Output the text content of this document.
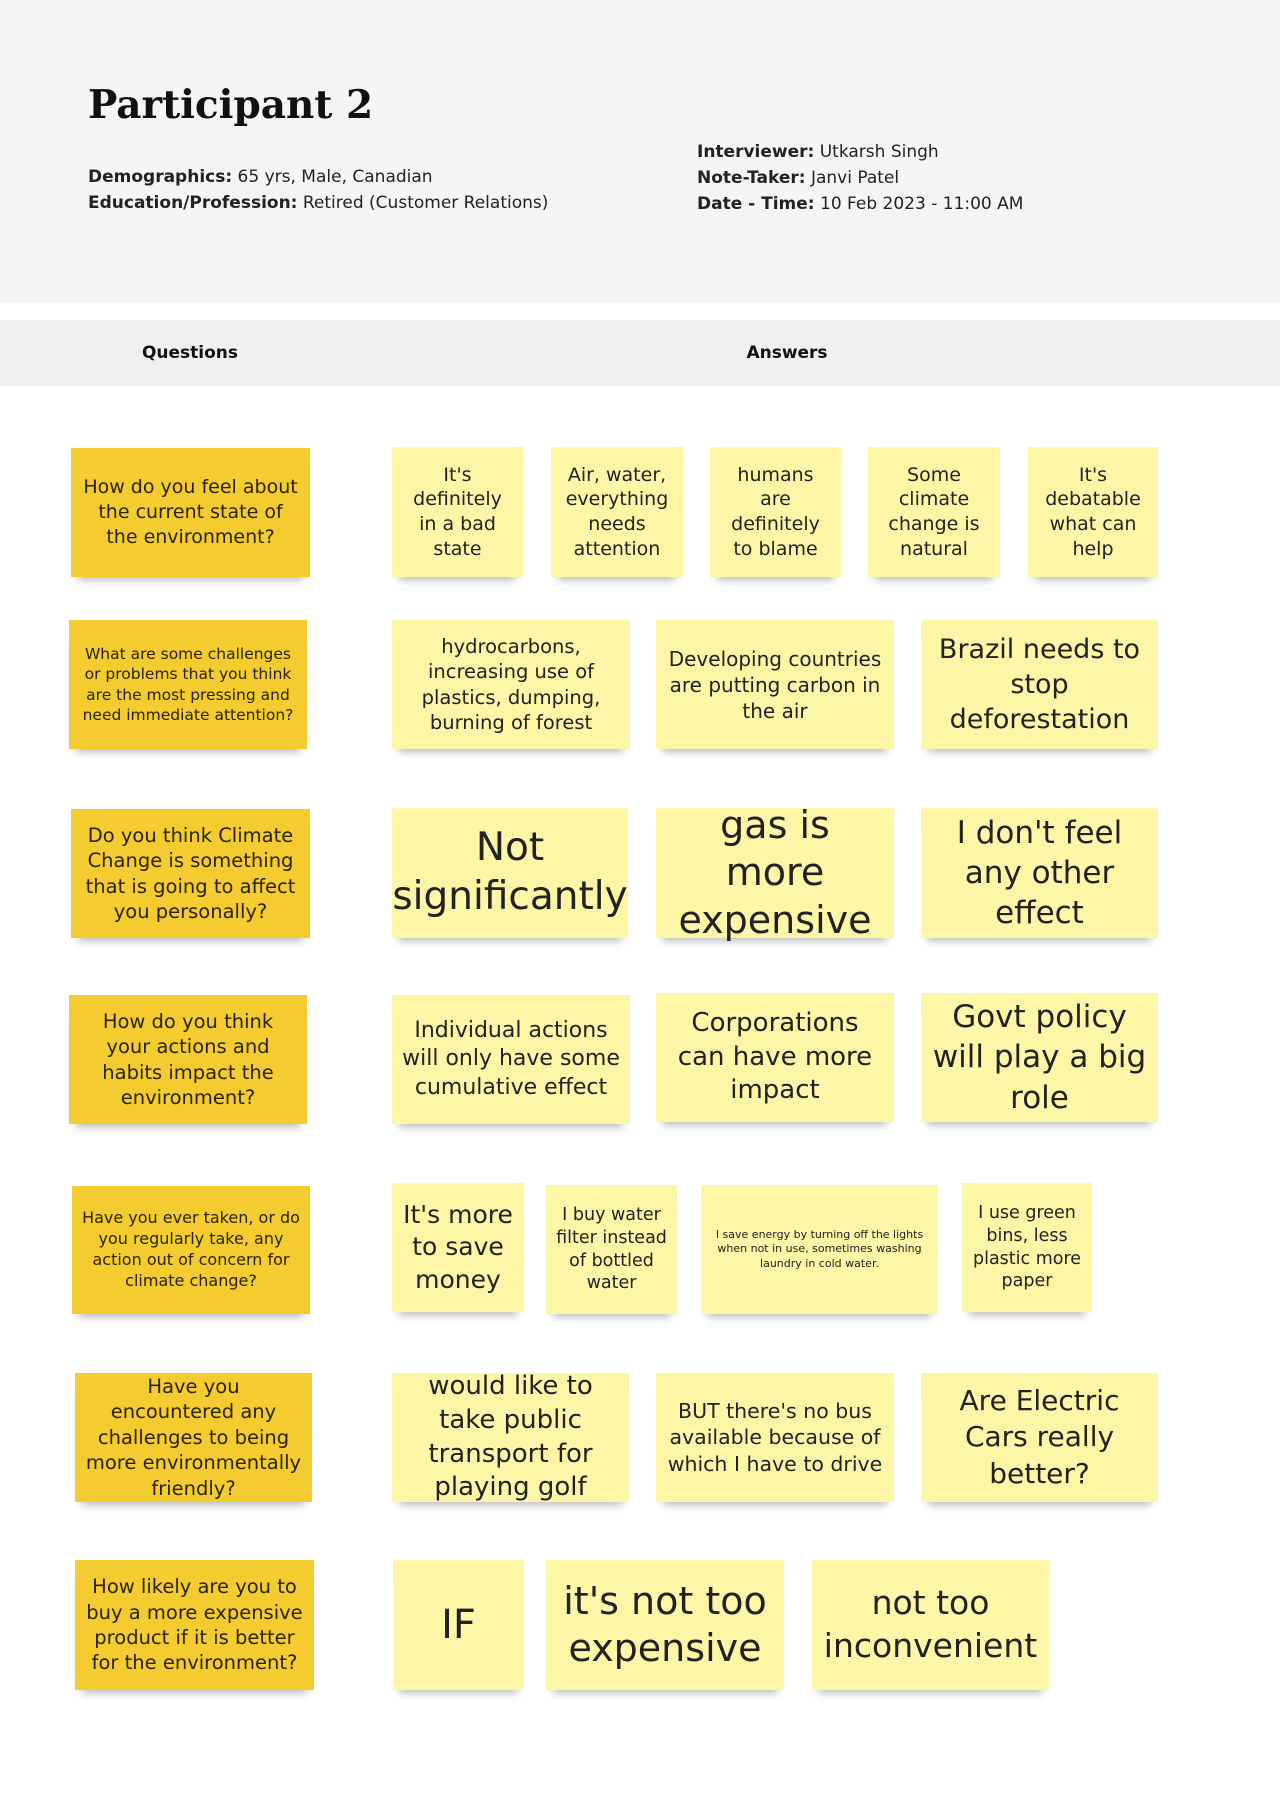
Participant 2
Demographics: 65 yrs, Male, Canadian
Education/Profession: Retired (Customer Relations)
Interviewer: Utkarsh Singh
Note-Taker: Janvi Patel
Date - Time: 10 Feb 2023 - 11:00 AM
Questions	Answers
How do you feel about the current state of the environment?
It's definitely in a bad state
Air, water, everything needs attention
humans are definitely to blame
Some climate change is natural
It's debatable what can help
What are some challenges or problems that you think are the most pressing and need immediate attention?
hydrocarbons, increasing use of plastics, dumping, burning of forest
Developing countries are putting carbon in the air
Brazil needs to stop deforestation
Do you think Climate Change is something that is going to affect you personally?
Not significantly
gas is more expensive
I don't feel any other effect
How do you think your actions and habits impact the environment?
Individual actions will only have some cumulative effect
Corporations can have more impact
Govt policy will play a big role
Have you ever taken, or do you regularly take, any action out of concern for climate change?
It's more to save money
I buy water filter instead of bottled water
I save energy by turning off the lights when not in use, sometimes washing laundry in cold water.
I use green bins, less plastic more paper
Have you encountered any challenges to being more environmentally friendly?
would like to take public transport for playing golf
BUT there's no bus available because of which I have to drive
Are Electric Cars really better?
How likely are you to buy a more expensive product if it is better for the environment?
IF
it's not too expensive
not too inconvenient
